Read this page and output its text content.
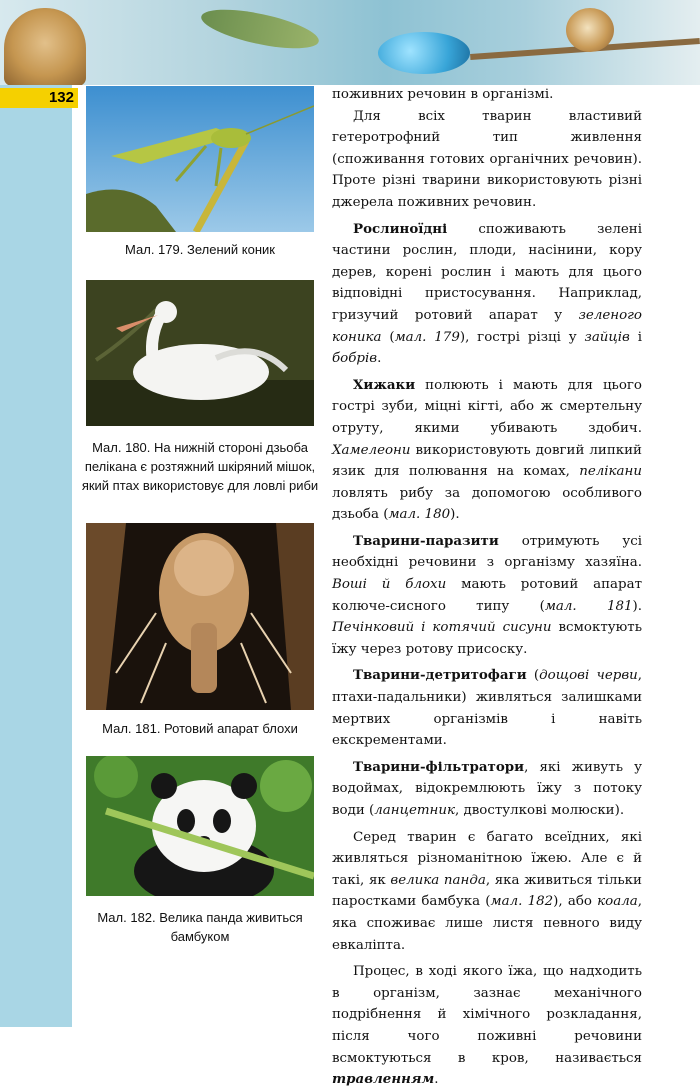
132
Мал. 179. Зелений коник
Мал. 180. На нижній стороні дзьоба пелікана є розтяжний шкіряний мішок, який птах використовує для ловлі риби
Мал. 181. Ротовий апарат блохи
Мал. 182. Велика панда живиться бамбуком

поживних речовин в організмі.

Для всіх тварин властивий гетеротрофний тип живлення (споживання готових органічних речовин). Проте різні тварини використовують різні джерела поживних речовин.

Рослиноїдні споживають зелені частини рослин, плоди, насінини, кору дерев, корені рослин і мають для цього відповідні пристосування. Наприклад, гризучий ротовий апарат у зеленого коника (мал. 179), гострі різці у зайців і бобрів.

Хижаки полюють і мають для цього гострі зуби, міцні кігті, або ж смертельну отруту, якими убивають здобич. Хамелеони використовують довгий липкий язик для полювання на комах, пелікани ловлять рибу за допомогою особливого дзьоба (мал. 180).

Тварини-паразити отримують усі необхідні речовини з організму хазяїна. Воші й блохи мають ротовий апарат колюче-сисного типу (мал. 181). Печінковий і котячий сисуни всмоктують їжу через ротову присоску.

Тварини-детритофаги (дощові черви, птахи-падальники) живляться залишками мертвих організмів і навіть екскрементами.

Тварини-фільтратори, які живуть у водоймах, відокремлюють їжу з потоку води (ланцетник, двостулкові молюски).

Серед тварин є багато всеїдних, які живляться різноманітною їжею. Але є й такі, як велика панда, яка живиться тільки паростками бамбука (мал. 182), або коала, яка споживає лише листя певного виду евкаліпта.

Процес, в ході якого їжа, що надходить в організм, зазнає механічного подрібнення й хімічного розкладання, після чого поживні речовини всмоктуються в кров, називається травленням.
